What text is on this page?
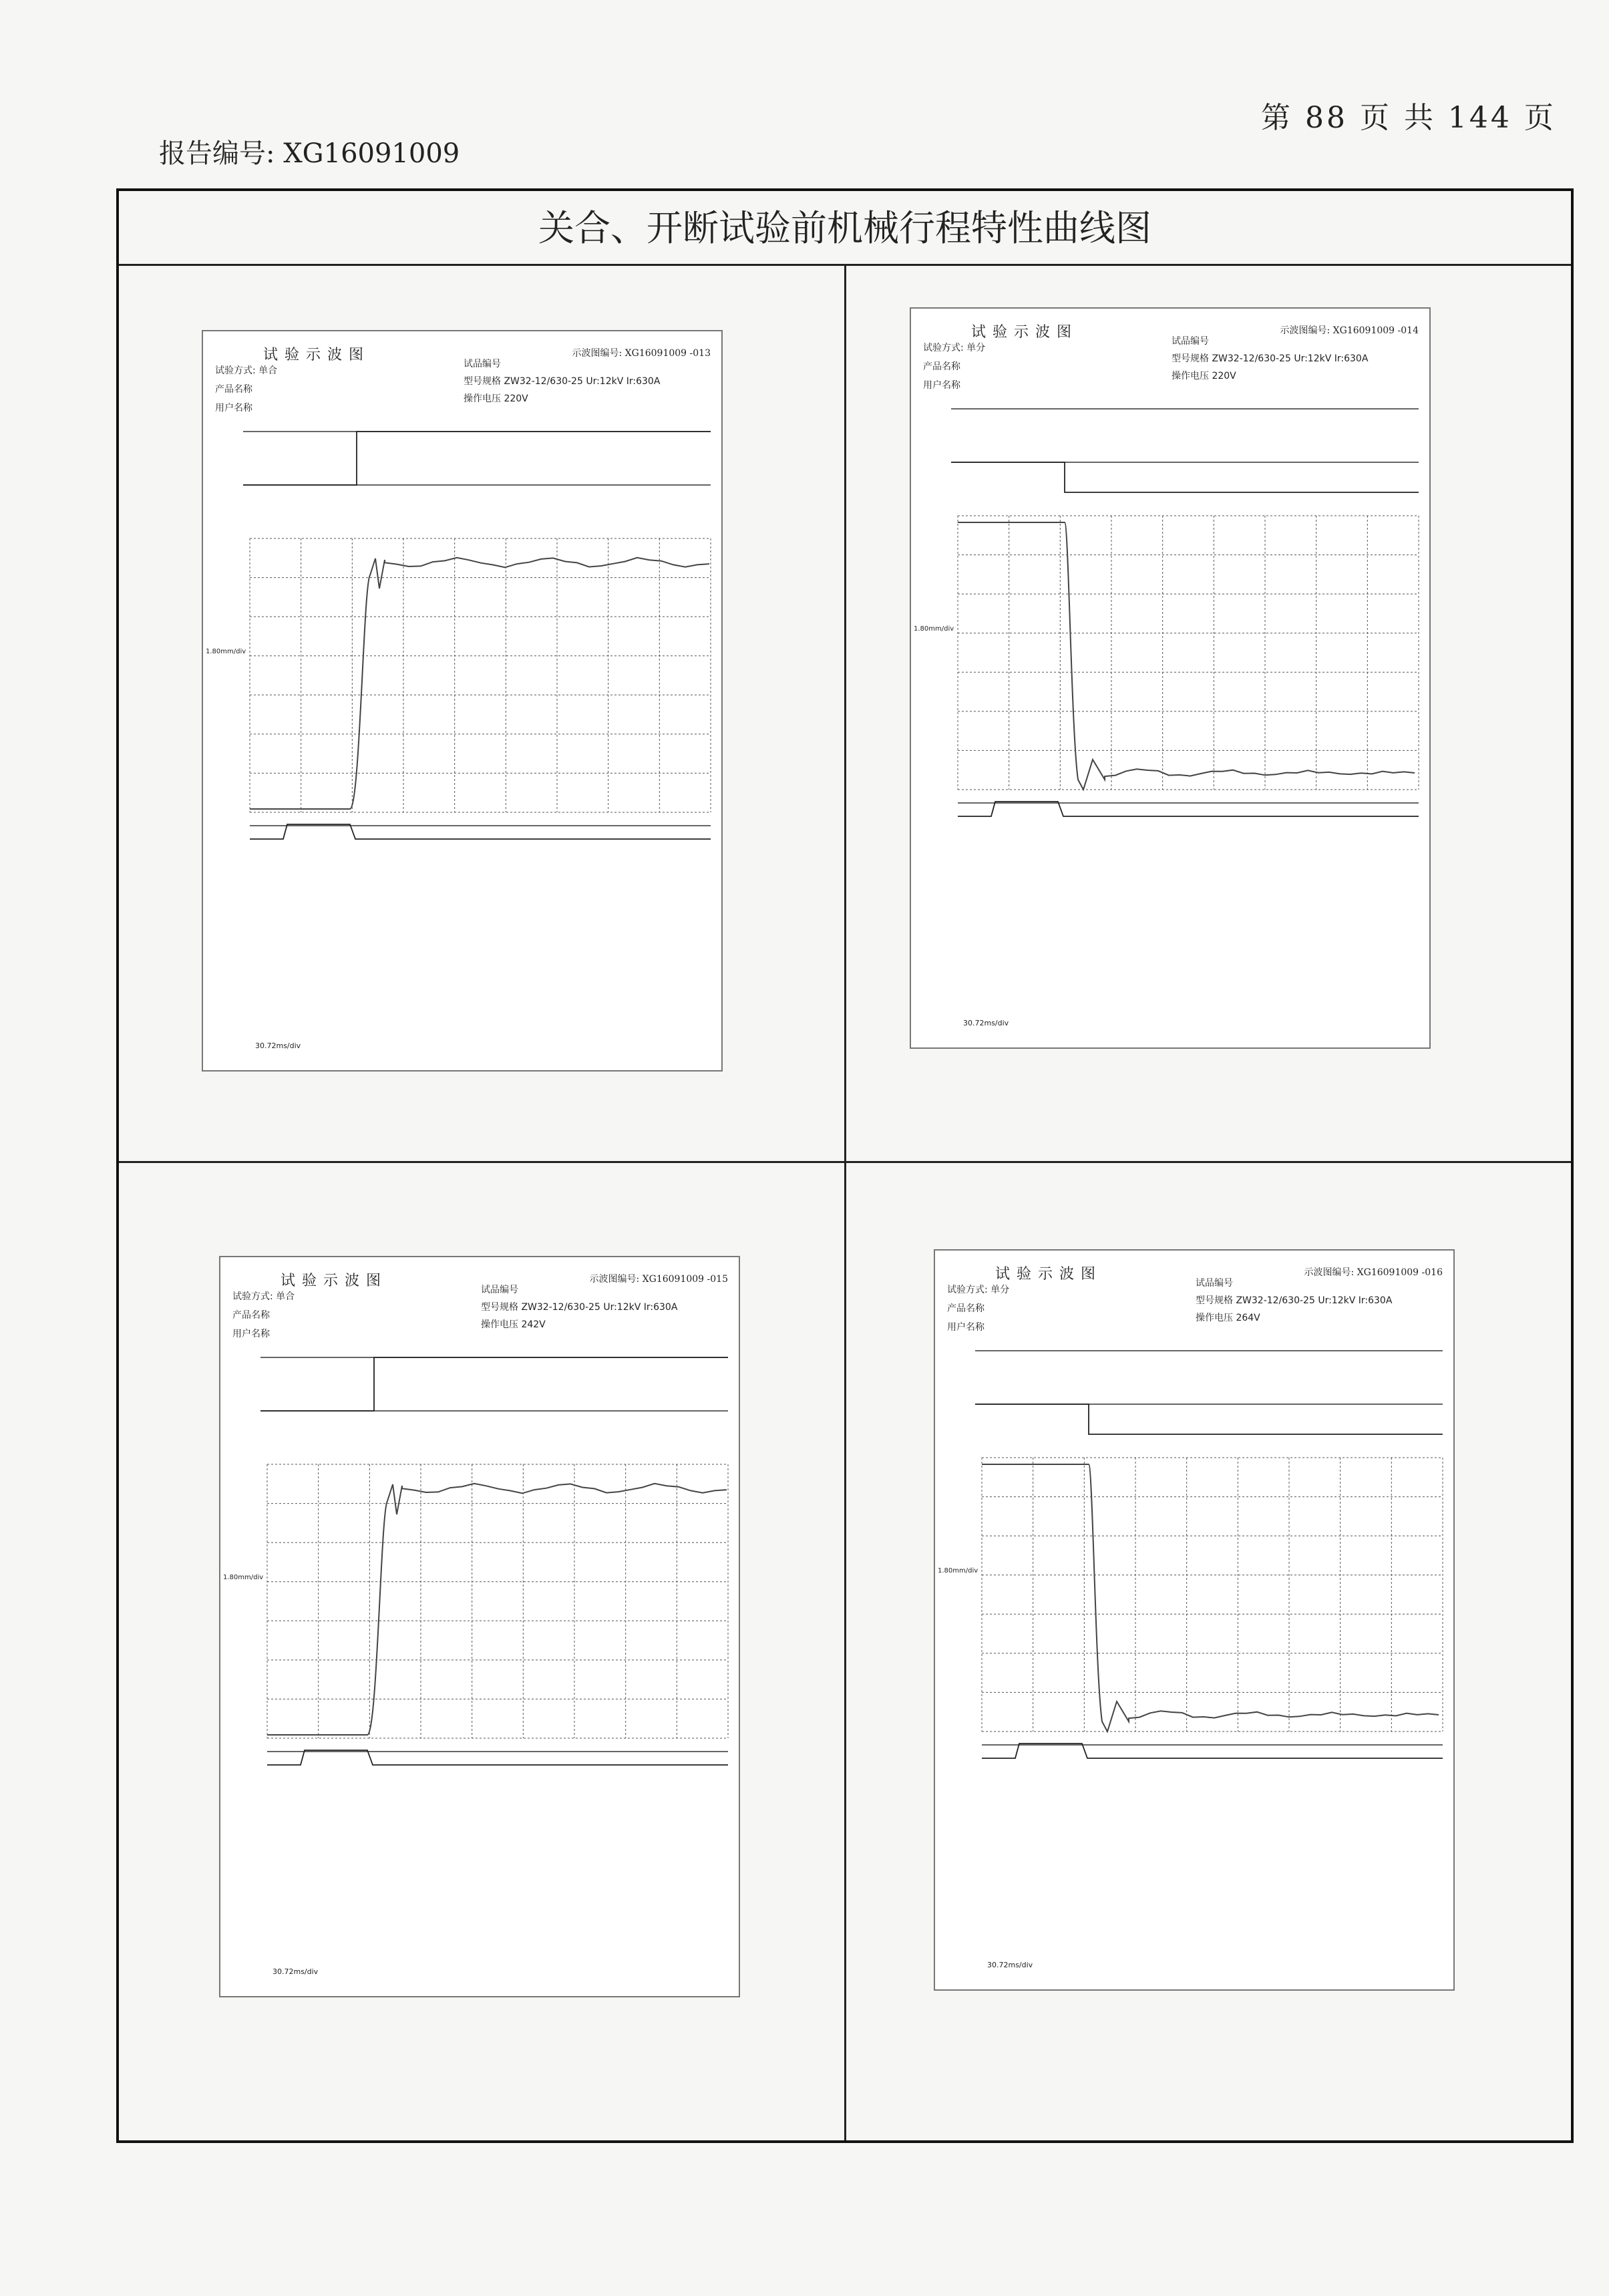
第 88 页 共 144 页
报告编号: XG16091009
关合、开断试验前机械行程特性曲线图
试验示波图	示波图编号: XG16091009 -013
试验方式: 单合
产品名称
用户名称
试品编号
型号规格 ZW32-12/630-25 Ur:12kV Ir:630A
操作电压 220V
1.80mm/div
30.72ms/div
试验示波图	示波图编号: XG16091009 -014
试验方式: 单分
产品名称
用户名称
试品编号
型号规格 ZW32-12/630-25 Ur:12kV Ir:630A
操作电压 220V
1.80mm/div
30.72ms/div
试验示波图	示波图编号: XG16091009 -015
试验方式: 单合
产品名称
用户名称
试品编号
型号规格 ZW32-12/630-25 Ur:12kV Ir:630A
操作电压 242V
1.80mm/div
30.72ms/div
试验示波图	示波图编号: XG16091009 -016
试验方式: 单分
产品名称
用户名称
试品编号
型号规格 ZW32-12/630-25 Ur:12kV Ir:630A
操作电压 264V
1.80mm/div
30.72ms/div
